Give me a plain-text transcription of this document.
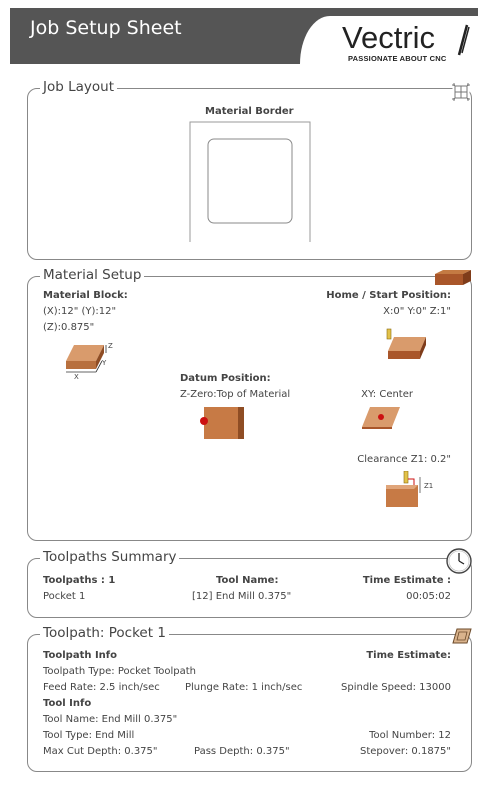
Job Setup Sheet	Vectric
PASSIONATE ABOUT CNC
Job Layout
Material Border
Material Setup
Material Block:
(X):12" (Y):12"
(Z):0.875"
Z
Y
X
Home / Start Position:
X:0" Y:0" Z:1"
Datum Position:
Z-Zero:Top of Material	XY: Center
Clearance Z1: 0.2"
Z1
Toolpaths Summary
Toolpaths : 1	Tool Name:	Time Estimate :
Pocket 1	[12] End Mill 0.375"	00:05:02
Toolpath: Pocket 1
Toolpath Info	Time Estimate:
Toolpath Type: Pocket Toolpath
Feed Rate: 2.5 inch/sec	Plunge Rate: 1 inch/sec	Spindle Speed: 13000
Tool Info
Tool Name: End Mill 0.375"
Tool Type: End Mill	Tool Number: 12
Max Cut Depth: 0.375"	Pass Depth: 0.375"	Stepover: 0.1875"
